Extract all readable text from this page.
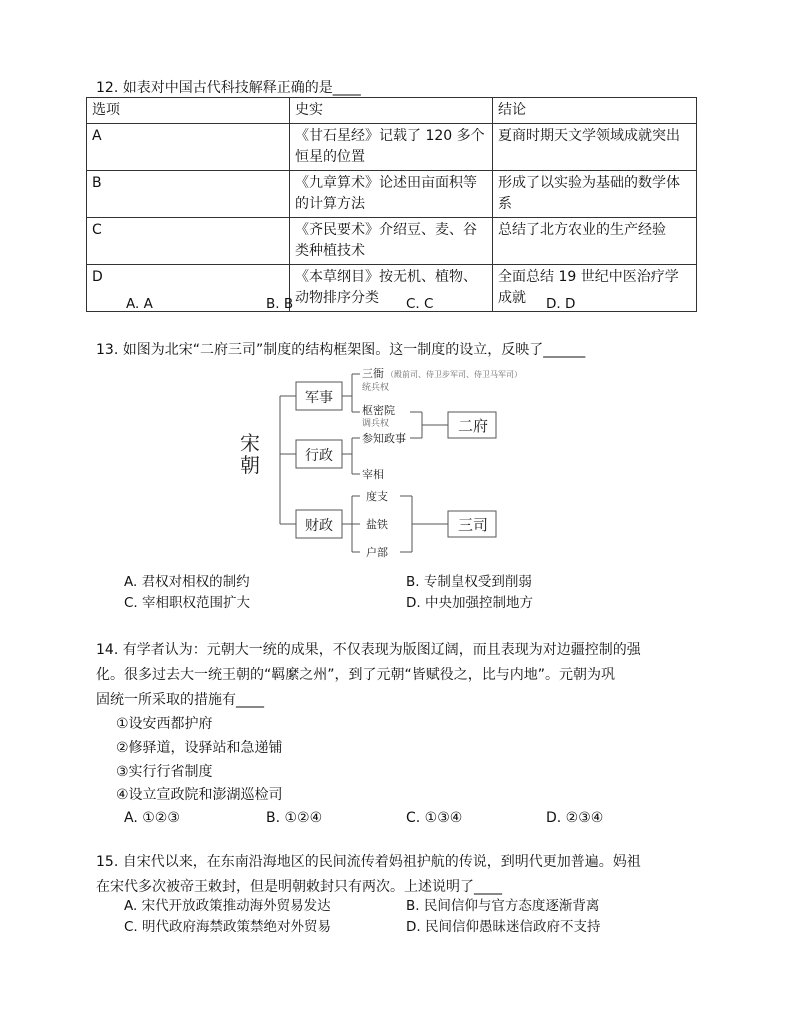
12. 如表对中国古代科技解释正确的是____
选项	史实	结论
A	《甘石星经》记载了 120 多个恒星的位置	夏商时期天文学领域成就突出
B	《九章算术》论述田亩面积等的计算方法	形成了以实验为基础的数学体系
C	《齐民要术》介绍豆、麦、谷类种植技术	总结了北方农业的生产经验
D	《本草纲目》按无机、植物、动物排序分类	全面总结 19 世纪中医治疗学成就
A. A	B. B	C. C	D. D
13. 如图为北宋“二府三司”制度的结构框架图。这一制度的设立，反映了______
宋
朝
军事
行政
财政
三衙 （殿前司、侍卫步军司、侍卫马军司）
统兵权
枢密院
调兵权
参知政事
宰相
度支
盐铁
户部
二府
三司
A. 君权对相权的制约	B. 专制皇权受到削弱
C. 宰相职权范围扩大	D. 中央加强控制地方
14. 有学者认为：元朝大一统的成果，不仅表现为版图辽阔，而且表现为对边疆控制的强
化。很多过去大一统王朝的“羁縻之州”，到了元朝“皆赋役之，比与内地”。元朝为巩
固统一所采取的措施有____
①设安西都护府
②修驿道，设驿站和急递铺
③实行行省制度
④设立宣政院和澎湖巡检司
A. ①②③	B. ①②④	C. ①③④	D. ②③④
15. 自宋代以来，在东南沿海地区的民间流传着妈祖护航的传说，到明代更加普遍。妈祖
在宋代多次被帝王敕封，但是明朝敕封只有两次。上述说明了____
A. 宋代开放政策推动海外贸易发达	B. 民间信仰与官方态度逐渐背离
C. 明代政府海禁政策禁绝对外贸易	D. 民间信仰愚昧迷信政府不支持
